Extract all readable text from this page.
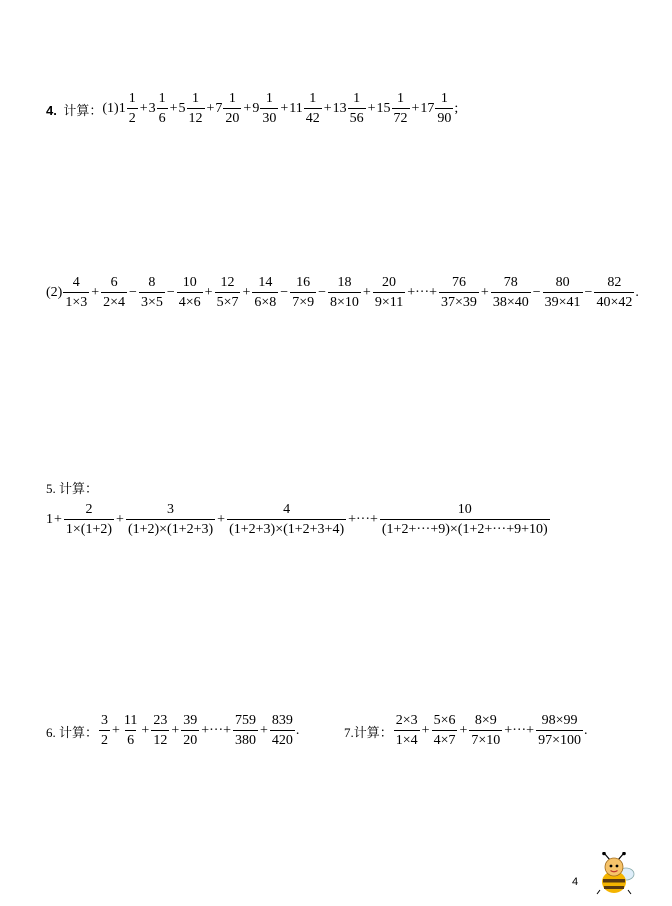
4. 计算： (1) $1 \frac{1}{2} + 3 \frac{1}{6} + 5 \frac{1}{12} + 7 \frac{1}{20} + 9 \frac{1}{30} + 11 \frac{1}{42} + 13 \frac{1}{56} + 15 \frac{1}{72} + 17 \frac{1}{90}$ ;
$(2) \frac{4}{1\times 3} + \frac{6}{2\times 4} - \frac{8}{3\times 5} - \frac{10}{4\times 6} + \frac{12}{5\times 7} + \frac{14}{6\times 8} - \frac{16}{7\times 9} - \frac{18}{8\times 10} + \frac{20}{9\times 11}$ +···+ $\frac{76}{37\times 39} + \frac{78}{38\times 40} - \frac{80}{39\times 41} - \frac{82}{40\times 42}$ .
5. 计算：
$1 + \frac{2}{1\times(1+2)} + \frac{3}{(1+2)\times(1+2+3)} + \frac{4}{(1+2+3)\times(1+2+3+4)}$ +···+ $\frac{10}{(1+2+\cdot\cdot\cdot+9)\times(1+2+\cdot\cdot\cdot+9+10)}$
6. 计算： $\frac{3}{2} + \frac{11}{6} + \frac{23}{12} + \frac{39}{20}$ +···+ $\frac{759}{380} + \frac{839}{420}$ .	7.计算： $\frac{2\times 3}{1\times 4} + \frac{5\times 6}{4\times 7} + \frac{8\times 9}{7\times 10}$ +···+ $\frac{98\times 99}{97\times 100}$ .
4
